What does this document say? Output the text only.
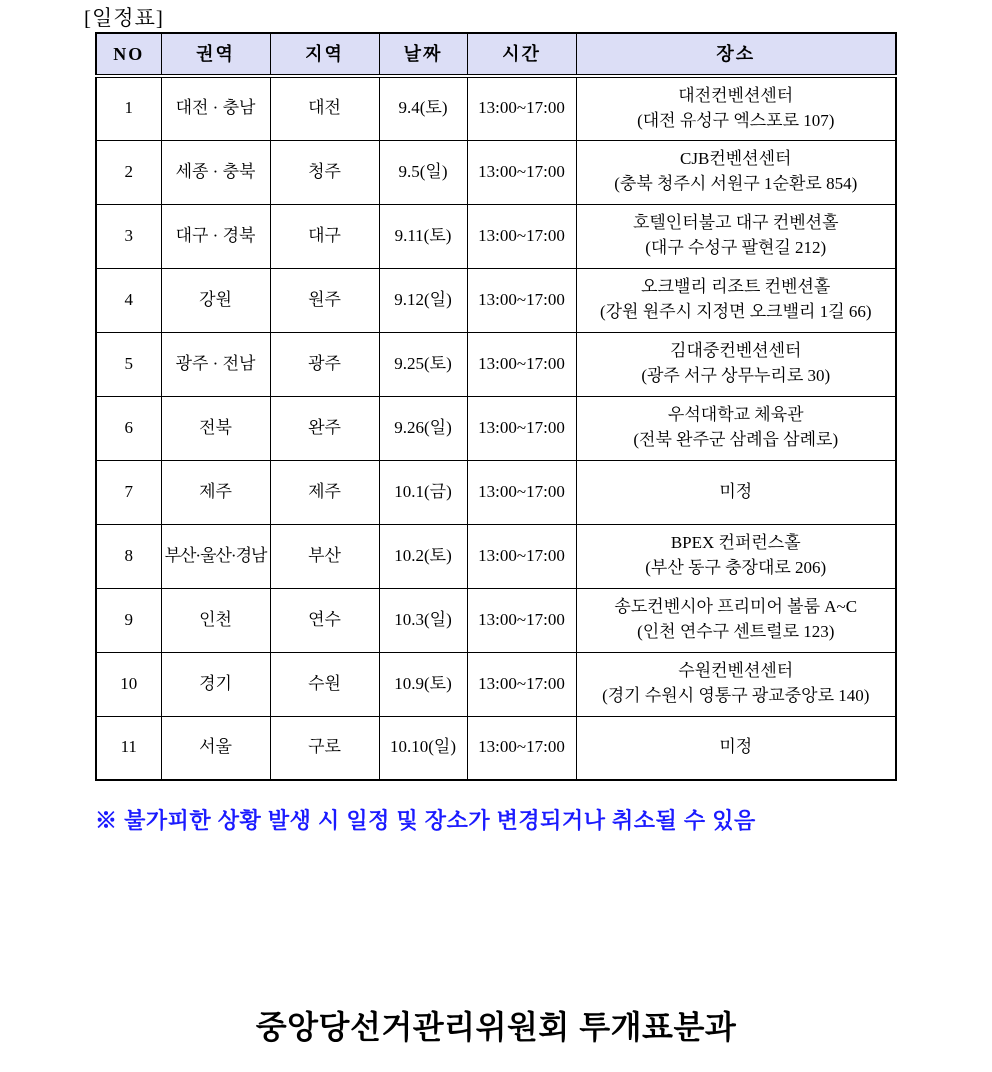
[일정표]
NO	권역	지역	날짜	시간	장소
1	대전 · 충남	대전	9.4(토)	13:00~17:00	대전컨벤션센터
(대전 유성구 엑스포로 107)

2	세종 · 충북	청주	9.5(일)	13:00~17:00	CJB컨벤션센터
(충북 청주시 서원구 1순환로 854)

3	대구 · 경북	대구	9.11(토)	13:00~17:00	호텔인터불고 대구 컨벤션홀
(대구 수성구 팔현길 212)

4	강원	원주	9.12(일)	13:00~17:00	오크밸리 리조트 컨벤션홀
(강원 원주시 지정면 오크밸리 1길 66)

5	광주 · 전남	광주	9.25(토)	13:00~17:00	김대중컨벤션센터
(광주 서구 상무누리로 30)

6	전북	완주	9.26(일)	13:00~17:00	우석대학교 체육관
(전북 완주군 삼례읍 삼례로)

7	제주	제주	10.1(금)	13:00~17:00	미정

8	부산·울산·경남	부산	10.2(토)	13:00~17:00	BPEX 컨퍼런스홀
(부산 동구 충장대로 206)

9	인천	연수	10.3(일)	13:00~17:00	송도컨벤시아 프리미어 볼룸 A~C
(인천 연수구 센트럴로 123)

10	경기	수원	10.9(토)	13:00~17:00	수원컨벤션센터
(경기 수원시 영통구 광교중앙로 140)

11	서울	구로	10.10(일)	13:00~17:00	미정
※ 불가피한 상황 발생 시 일정 및 장소가 변경되거나 취소될 수 있음
중앙당선거관리위원회 투개표분과
